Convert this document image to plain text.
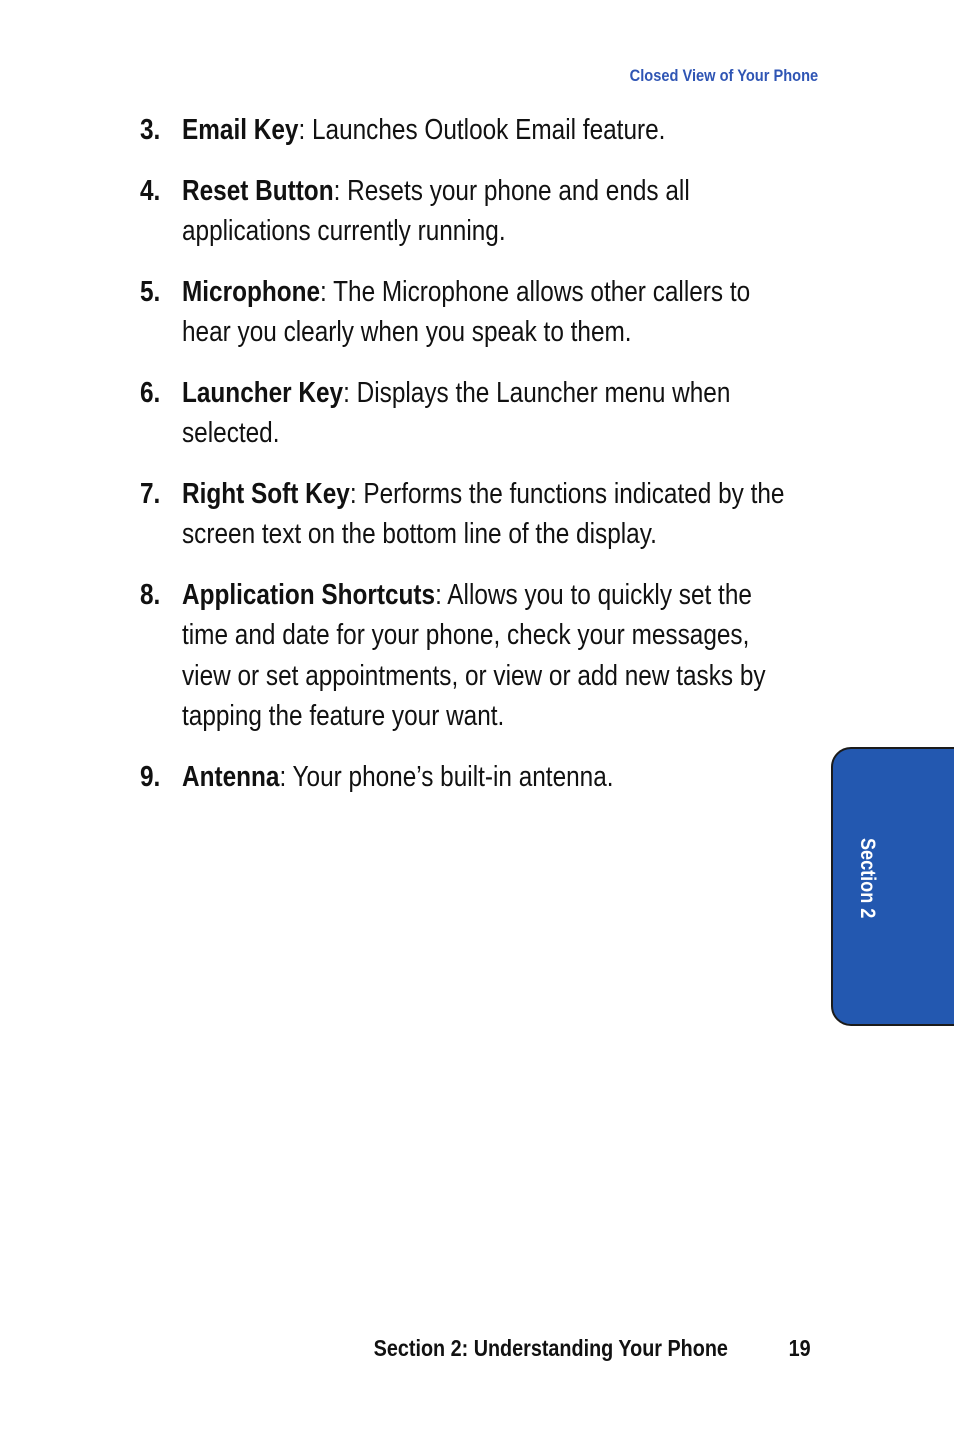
Closed View of Your Phone
3. Email Key: Launches Outlook Email feature.
4. Reset Button: Resets your phone and ends all applications currently running.
5. Microphone: The Microphone allows other callers to hear you clearly when you speak to them.
6. Launcher Key: Displays the Launcher menu when selected.
7. Right Soft Key: Performs the functions indicated by the screen text on the bottom line of the display.
8. Application Shortcuts: Allows you to quickly set the time and date for your phone, check your messages, view or set appointments, or view or add new tasks by tapping the feature your want.
9. Antenna: Your phone’s built-in antenna.
Section 2
Section 2: Understanding Your Phone	19
